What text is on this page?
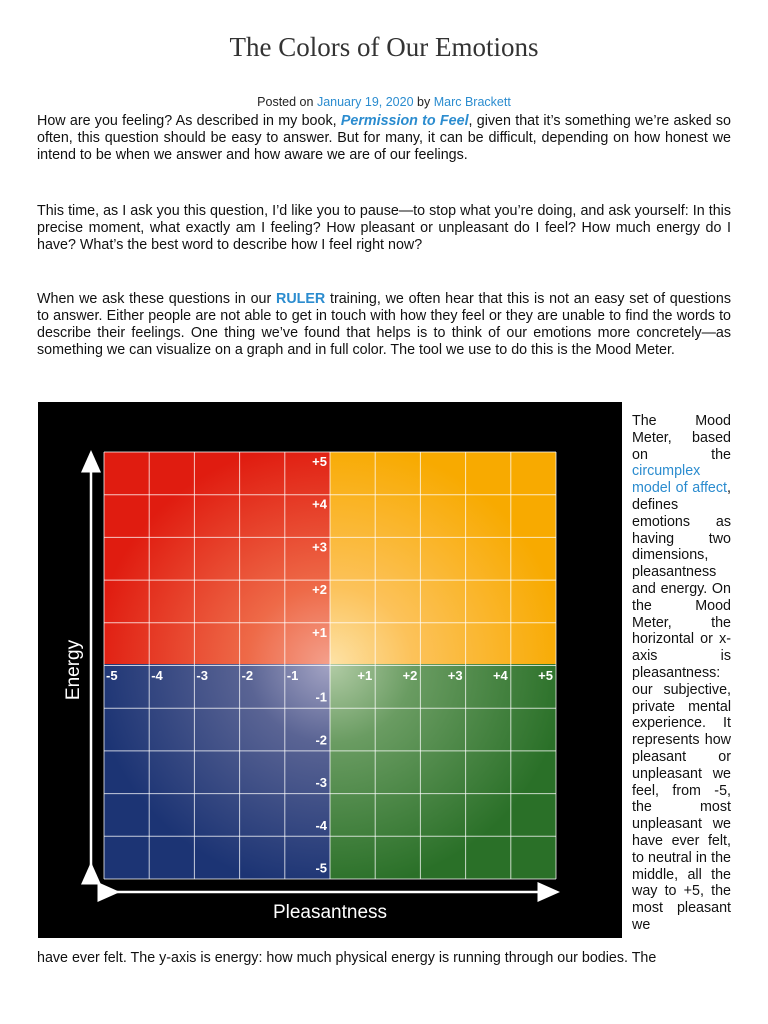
The Colors of Our Emotions
Posted on January 19, 2020 by Marc Brackett

How are you feeling? As described in my book, Permission to Feel, given that it’s something we’re asked so often, this question should be easy to answer. But for many, it can be difficult, depending on how honest we intend to be when we answer and how aware we are of our feelings.

This time, as I ask you this question, I’d like you to pause—to stop what you’re doing, and ask yourself: In this precise moment, what exactly am I feeling? How pleasant or unpleasant do I feel? How much energy do I have? What’s the best word to describe how I feel right now?

When we ask these questions in our RULER training, we often hear that this is not an easy set of questions to answer. Either people are not able to get in touch with how they feel or they are unable to find the words to describe their feelings. One thing we’ve found that helps is to think of our emotions more concretely—as something we can visualize on a graph and in full color. The tool we use to do this is the Mood Meter.

-5	-4	-3	-2	-1	+1 +2 +3 +4 +5
+5
+4
+3
+2
+1
-1
-2
-3
-4
-5
Energy
Pleasantness

The Mood Meter, based on the circumplex model of affect, defines emotions as having two dimensions, pleasantness and energy. On the Mood Meter, the horizontal or x-axis is pleasantness: our subjective, private mental experience. It represents how pleasant or unpleasant we feel, from -5, the most unpleasant we have ever felt, to neutral in the middle, all the way to +5, the most pleasant we

have ever felt. The y-axis is energy: how much physical energy is running through our bodies. The
